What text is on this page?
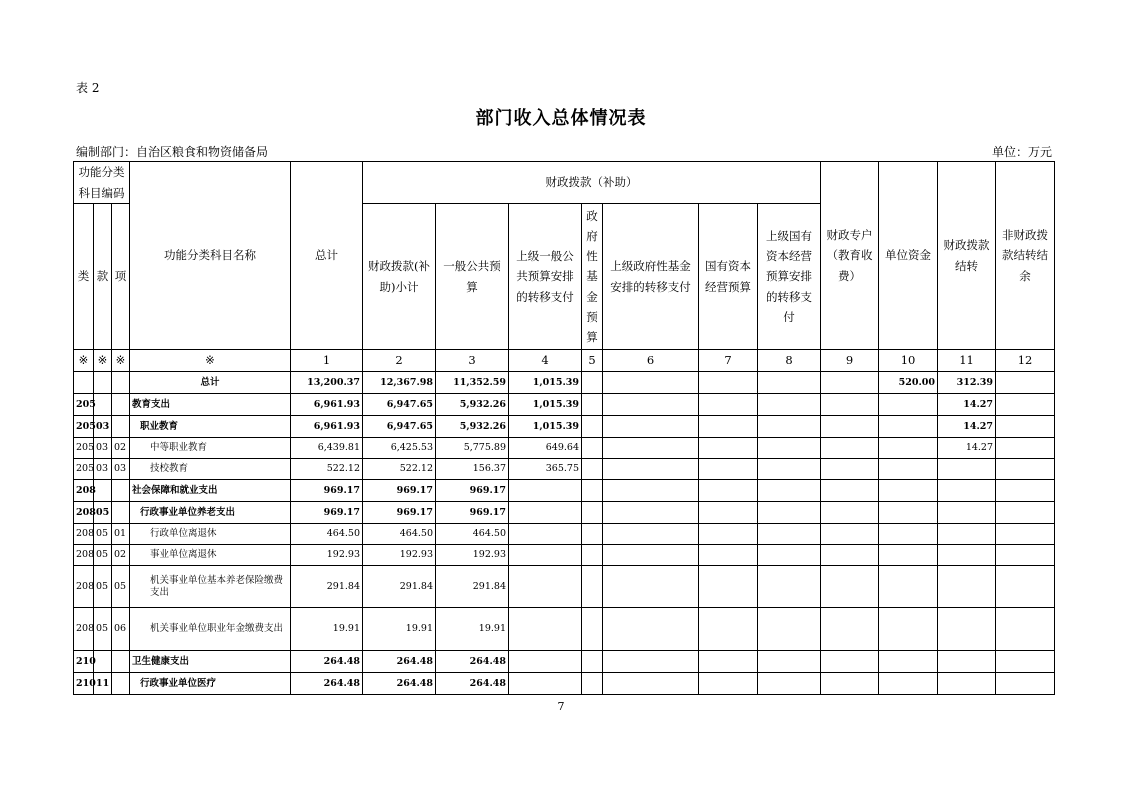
表 2
部门收入总体情况表
编制部门：自治区粮食和物资储备局	单位：万元
功能分类科目编码			功能分类科目名称	总计	财政拨款（补助）							财政专户（教育收费）	单位资金	财政拨款结转	非财政拨款结转结余
类	款	项			财政拨款(补助)小计	一般公共预算	上级一般公共预算安排的转移支付	政府性基金预算	上级政府性基金安排的转移支付	国有资本经营预算	上级国有资本经营预算安排的转移支付				
※	※	※	※	1	2	3	4	5	6	7	8	9	10	11	12
			总计	13,200.37	12,367.98	11,352.59	1,015.39						520.00	312.39	
205			教育支出	6,961.93	6,947.65	5,932.26	1,015.39							14.27	
205	03		职业教育	6,961.93	6,947.65	5,932.26	1,015.39							14.27	
205	03	02	中等职业教育	6,439.81	6,425.53	5,775.89	649.64							14.27	
205	03	03	技校教育	522.12	522.12	156.37	365.75								
208			社会保障和就业支出	969.17	969.17	969.17									
208	05		行政事业单位养老支出	969.17	969.17	969.17									
208	05	01	行政单位离退休	464.50	464.50	464.50									
208	05	02	事业单位离退休	192.93	192.93	192.93									
208	05	05	机关事业单位基本养老保险缴费支出	291.84	291.84	291.84									
208	05	06	机关事业单位职业年金缴费支出	19.91	19.91	19.91									
210			卫生健康支出	264.48	264.48	264.48									
210	11		行政事业单位医疗	264.48	264.48	264.48									
7
